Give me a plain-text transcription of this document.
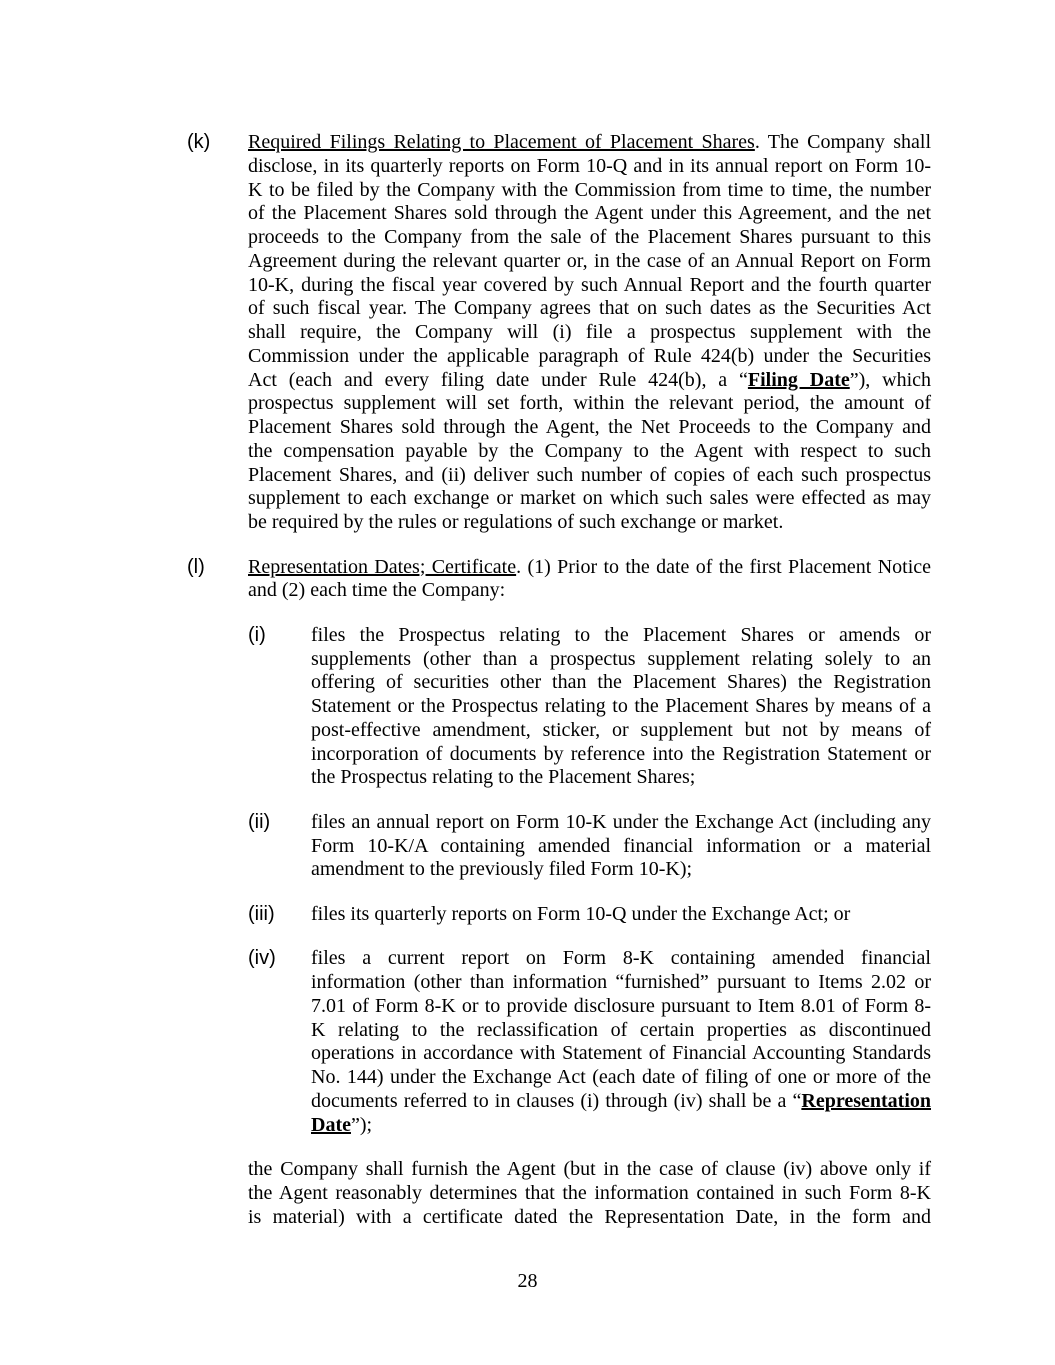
(k) Required Filings Relating to Placement of Placement Shares. The Company shall
disclose, in its quarterly reports on Form 10-Q and in its annual report on Form 10-
K to be filed by the Company with the Commission from time to time, the number
of the Placement Shares sold through the Agent under this Agreement, and the net
proceeds to the Company from the sale of the Placement Shares pursuant to this
Agreement during the relevant quarter or, in the case of an Annual Report on Form
10-K, during the fiscal year covered by such Annual Report and the fourth quarter
of such fiscal year. The Company agrees that on such dates as the Securities Act
shall require, the Company will (i) file a prospectus supplement with the
Commission under the applicable paragraph of Rule 424(b) under the Securities
Act (each and every filing date under Rule 424(b), a “Filing Date”), which
prospectus supplement will set forth, within the relevant period, the amount of
Placement Shares sold through the Agent, the Net Proceeds to the Company and
the compensation payable by the Company to the Agent with respect to such
Placement Shares, and (ii) deliver such number of copies of each such prospectus
supplement to each exchange or market on which such sales were effected as may
be required by the rules or regulations of such exchange or market.
(l) Representation Dates; Certificate. (1) Prior to the date of the first Placement Notice
and (2) each time the Company:
(i) files the Prospectus relating to the Placement Shares or amends or
supplements (other than a prospectus supplement relating solely to an
offering of securities other than the Placement Shares) the Registration
Statement or the Prospectus relating to the Placement Shares by means of a
post-effective amendment, sticker, or supplement but not by means of
incorporation of documents by reference into the Registration Statement or
the Prospectus relating to the Placement Shares;
(ii) files an annual report on Form 10-K under the Exchange Act (including any
Form 10-K/A containing amended financial information or a material
amendment to the previously filed Form 10-K);
(iii) files its quarterly reports on Form 10-Q under the Exchange Act; or
(iv) files a current report on Form 8-K containing amended financial
information (other than information “furnished” pursuant to Items 2.02 or
7.01 of Form 8-K or to provide disclosure pursuant to Item 8.01 of Form 8-
K relating to the reclassification of certain properties as discontinued
operations in accordance with Statement of Financial Accounting Standards
No. 144) under the Exchange Act (each date of filing of one or more of the
documents referred to in clauses (i) through (iv) shall be a “Representation
Date”);
the Company shall furnish the Agent (but in the case of clause (iv) above only if
the Agent reasonably determines that the information contained in such Form 8-K
is material) with a certificate dated the Representation Date, in the form and
28
